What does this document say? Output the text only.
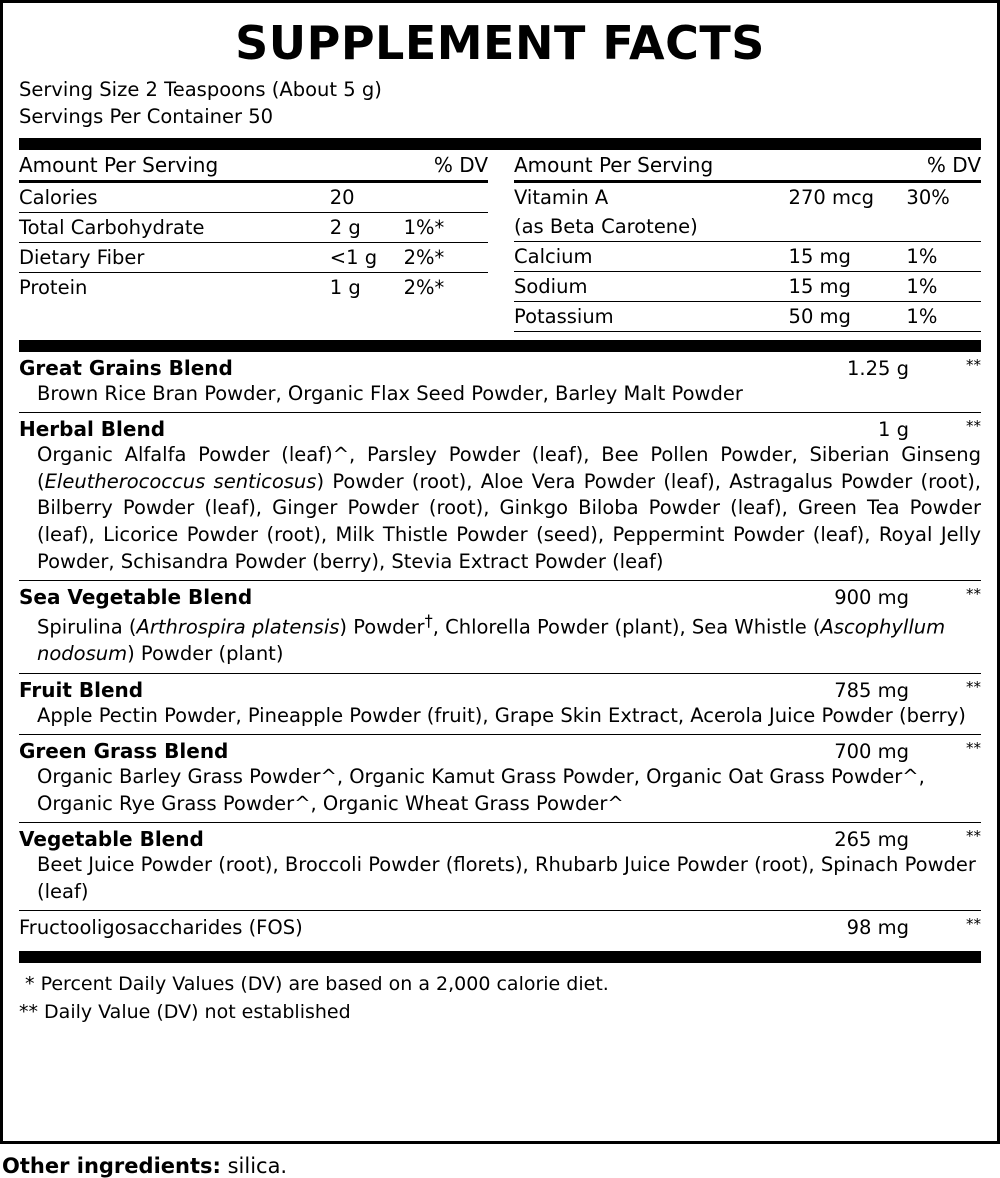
SUPPLEMENT FACTS
Serving Size 2 Teaspoons (About 5 g)
Servings Per Container 50
Amount Per Serving		% DV
Calories	20	
Total Carbohydrate	2 g	1%*
Dietary Fiber	<1 g	2%*
Protein	1 g	2%*
Amount Per Serving		% DV
Vitamin A	270 mcg	30%
(as Beta Carotene)		
Calcium	15 mg	1%
Sodium	15 mg	1%
Potassium	50 mg	1%
Great Grains Blend	1.25 g	**
Brown Rice Bran Powder, Organic Flax Seed Powder, Barley Malt Powder
Herbal Blend	1 g	**
Organic Alfalfa Powder (leaf)^, Parsley Powder (leaf), Bee Pollen Powder, Siberian Ginseng (Eleutherococcus senticosus) Powder (root), Aloe Vera Powder (leaf), Astragalus Powder (root), Bilberry Powder (leaf), Ginger Powder (root), Ginkgo Biloba Powder (leaf), Green Tea Powder (leaf), Licorice Powder (root), Milk Thistle Powder (seed), Peppermint Powder (leaf), Royal Jelly Powder, Schisandra Powder (berry), Stevia Extract Powder (leaf)
Sea Vegetable Blend	900 mg	**
Spirulina (Arthrospira platensis) Powder†, Chlorella Powder (plant), Sea Whistle (Ascophyllum nodosum) Powder (plant)
Fruit Blend	785 mg	**
Apple Pectin Powder, Pineapple Powder (fruit), Grape Skin Extract, Acerola Juice Powder (berry)
Green Grass Blend	700 mg	**
Organic Barley Grass Powder^, Organic Kamut Grass Powder, Organic Oat Grass Powder^, Organic Rye Grass Powder^, Organic Wheat Grass Powder^
Vegetable Blend	265 mg	**
Beet Juice Powder (root), Broccoli Powder (florets), Rhubarb Juice Powder (root), Spinach Powder (leaf)
Fructooligosaccharides (FOS)	98 mg	**
* Percent Daily Values (DV) are based on a 2,000 calorie diet.
** Daily Value (DV) not established
Other ingredients: silica.
